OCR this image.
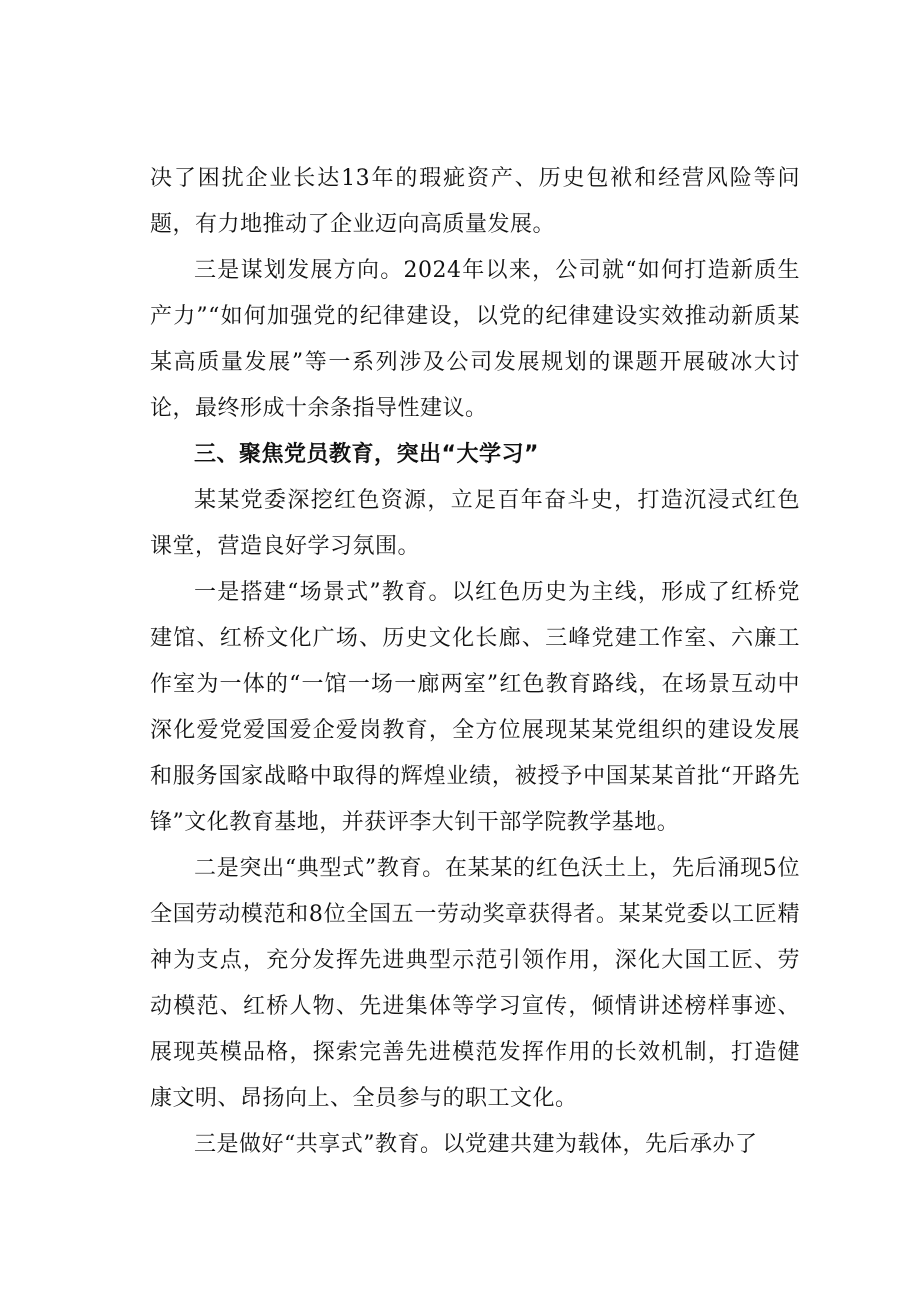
决了困扰企业长达13年的瑕疵资产、历史包袱和经营风险等问题，有力地推动了企业迈向高质量发展。

三是谋划发展方向。2024年以来，公司就“如何打造新质生产力”“如何加强党的纪律建设，以党的纪律建设实效推动新质某某高质量发展”等一系列涉及公司发展规划的课题开展破冰大讨论，最终形成十余条指导性建议。

三、聚焦党员教育，突出“大学习”

某某党委深挖红色资源，立足百年奋斗史，打造沉浸式红色课堂，营造良好学习氛围。

一是搭建“场景式”教育。以红色历史为主线，形成了红桥党建馆、红桥文化广场、历史文化长廊、三峰党建工作室、六廉工作室为一体的“一馆一场一廊两室”红色教育路线，在场景互动中深化爱党爱国爱企爱岗教育，全方位展现某某党组织的建设发展和服务国家战略中取得的辉煌业绩，被授予中国某某首批“开路先锋”文化教育基地，并获评李大钊干部学院教学基地。

二是突出“典型式”教育。在某某的红色沃土上，先后涌现5位全国劳动模范和8位全国五一劳动奖章获得者。某某党委以工匠精神为支点，充分发挥先进典型示范引领作用，深化大国工匠、劳动模范、红桥人物、先进集体等学习宣传，倾情讲述榜样事迹、展现英模品格，探索完善先进模范发挥作用的长效机制，打造健康文明、昂扬向上、全员参与的职工文化。

三是做好“共享式”教育。以党建共建为载体，先后承办了
